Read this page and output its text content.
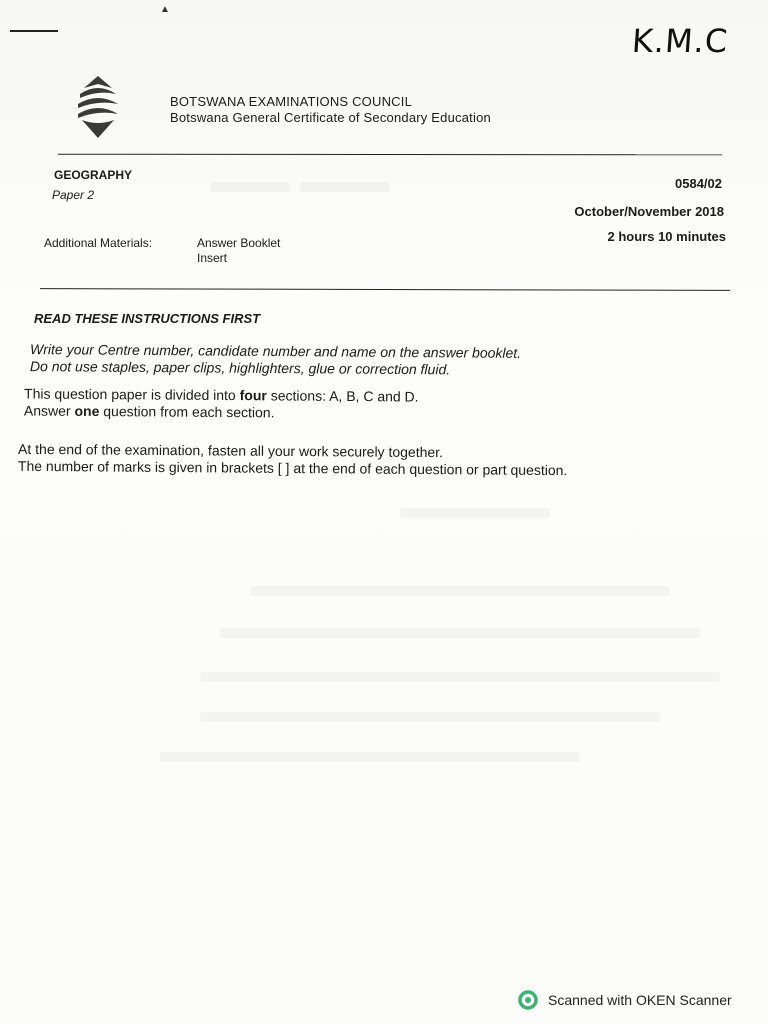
▲
K.M.C
BOTSWANA EXAMINATIONS COUNCIL
Botswana General Certificate of Secondary Education
GEOGRAPHY
Paper 2
0584/02
October/November 2018
2 hours 10 minutes
Additional Materials:	Answer Booklet
Insert
READ THESE INSTRUCTIONS FIRST
Write your Centre number, candidate number and name on the answer booklet.
Do not use staples, paper clips, highlighters, glue or correction fluid.
This question paper is divided into four sections: A, B, C and D.
Answer one question from each section.
At the end of the examination, fasten all your work securely together.
The number of marks is given in brackets [ ] at the end of each question or part question.
Scanned with OKEN Scanner
